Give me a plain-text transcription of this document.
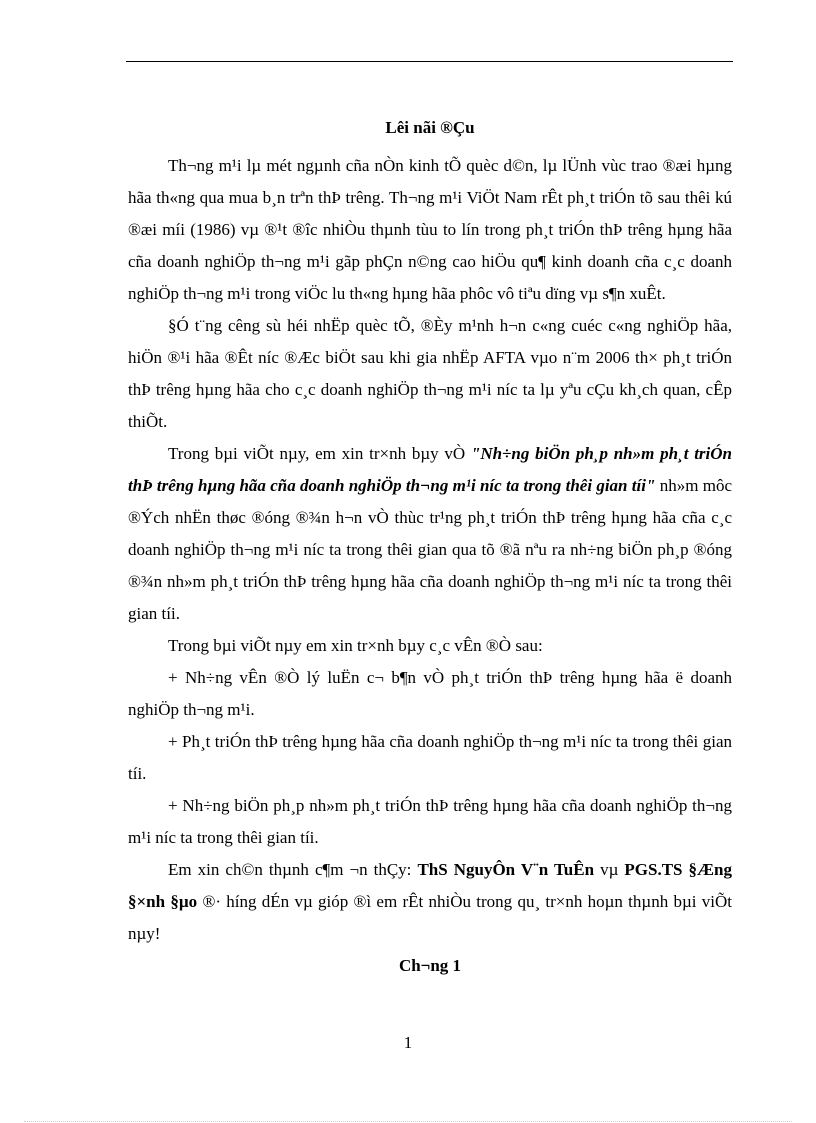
Lêi nãi ®Çu

Th¬ng m¹i lµ mét ngµnh cña nÒn kinh tÕ quèc d©n, lµ lÜnh vùc trao ®æi hµng hãa th«ng qua mua b¸n trªn thÞ trêng. Th¬ng m¹i ViÖt Nam rÊt ph¸t triÓn tõ sau thêi kú ®æi míi (1986) vµ ®¹t ®îc nhiÒu thµnh tùu to lín trong ph¸t triÓn thÞ trêng hµng hãa cña doanh nghiÖp th¬ng m¹i gãp phÇn n©ng cao hiÖu qu¶ kinh doanh cña c¸c doanh nghiÖp th¬ng m¹i trong viÖc lu th«ng hµng hãa phôc vô tiªu dïng vµ s¶n xuÊt.

§Ó t¨ng cêng sù héi nhËp quèc tÕ, ®Èy m¹nh h¬n c«ng cuéc c«ng nghiÖp hãa, hiÖn ®¹i hãa ®Êt níc ®Æc biÖt sau khi gia nhËp AFTA vµo n¨m 2006 th× ph¸t triÓn thÞ trêng hµng hãa cho c¸c doanh nghiÖp th¬ng m¹i níc ta lµ yªu cÇu kh¸ch quan, cÊp thiÕt.

Trong bµi viÕt nµy, em xin tr×nh bµy vÒ "Nh÷ng biÖn ph¸p nh»m ph¸t triÓn thÞ trêng hµng hãa cña doanh nghiÖp th¬ng m¹i níc ta trong thêi gian tíi" nh»m môc ®Ých nhËn thøc ®óng ®¾n h¬n vÒ thùc tr¹ng ph¸t triÓn thÞ trêng hµng hãa cña c¸c doanh nghiÖp th¬ng m¹i níc ta trong thêi gian qua tõ ®ã nªu ra nh÷ng biÖn ph¸p ®óng ®¾n nh»m ph¸t triÓn thÞ trêng hµng hãa cña doanh nghiÖp th¬ng m¹i níc ta trong thêi gian tíi.

Trong bµi viÕt nµy em xin tr×nh bµy c¸c vÊn ®Ò sau:

+ Nh÷ng vÊn ®Ò lý luËn c¬ b¶n vÒ ph¸t triÓn thÞ trêng hµng hãa ë doanh nghiÖp th¬ng m¹i.

+ Ph¸t triÓn thÞ trêng hµng hãa cña doanh nghiÖp th¬ng m¹i níc ta trong thêi gian tíi.

+ Nh÷ng biÖn ph¸p nh»m ph¸t triÓn thÞ trêng hµng hãa cña doanh nghiÖp th¬ng m¹i níc ta trong thêi gian tíi.

Em xin ch©n thµnh c¶m ¬n thÇy: ThS NguyÔn V¨n TuÊn vµ PGS.TS §Æng §×nh §µo ®· híng dÉn vµ gióp ®ì em rÊt nhiÒu trong qu¸ tr×nh hoµn thµnh bµi viÕt nµy!

Ch¬ng 1
1
